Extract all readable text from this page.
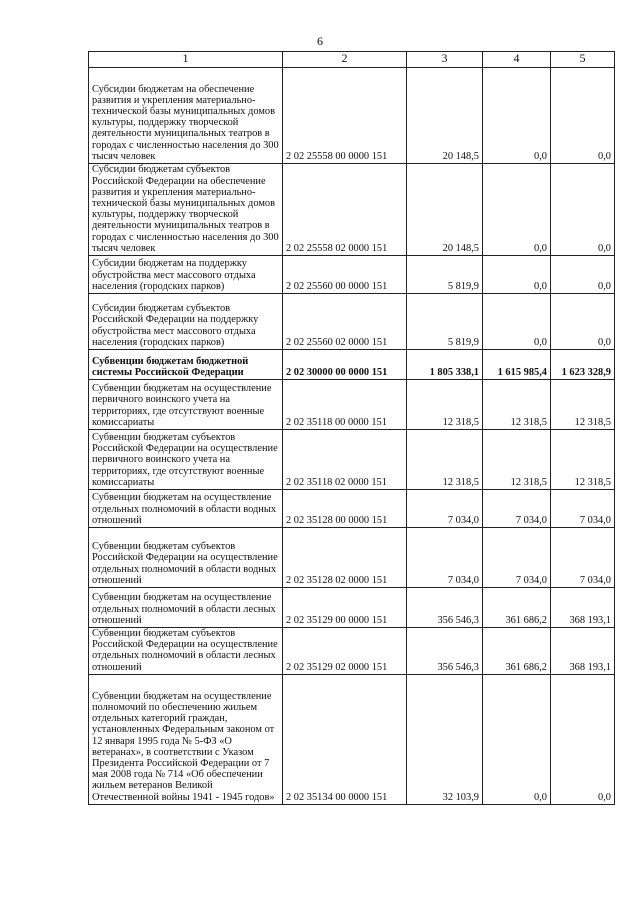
6
1	2	3	4	5
Субсидии бюджетам на обеспечение развития и укрепления материально-технической базы муниципальных домов культуры, поддержку творческой деятельности муниципальных театров в городах с численностью населения до 300 тысяч человек	2 02 25558 00 0000 151	20 148,5	0,0	0,0
Субсидии бюджетам субъектов Российской Федерации на обеспечение развития и укрепления материально-технической базы муниципальных домов культуры, поддержку творческой деятельности муниципальных театров в городах с численностью населения до 300 тысяч человек	2 02 25558 02 0000 151	20 148,5	0,0	0,0
Субсидии бюджетам на поддержку обустройства мест массового отдыха населения (городских парков)	2 02 25560 00 0000 151	5 819,9	0,0	0,0
Субсидии бюджетам субъектов Российской Федерации на поддержку обустройства мест массового отдыха населения (городских парков)	2 02 25560 02 0000 151	5 819,9	0,0	0,0
Субвенции бюджетам бюджетной системы Российской Федерации	2 02 30000 00 0000 151	1 805 338,1	1 615 985,4	1 623 328,9
Субвенции бюджетам на осуществление первичного воинского учета на территориях, где отсутствуют военные комиссариаты	2 02 35118 00 0000 151	12 318,5	12 318,5	12 318,5
Субвенции бюджетам субъектов Российской Федерации на осуществление первичного воинского учета на территориях, где отсутствуют военные комиссариаты	2 02 35118 02 0000 151	12 318,5	12 318,5	12 318,5
Субвенции бюджетам на осуществление отдельных полномочий в области водных отношений	2 02 35128 00 0000 151	7 034,0	7 034,0	7 034,0
Субвенции бюджетам субъектов Российской Федерации на осуществление отдельных полномочий в области водных отношений	2 02 35128 02 0000 151	7 034,0	7 034,0	7 034,0
Субвенции бюджетам на осуществление отдельных полномочий в области лесных отношений	2 02 35129 00 0000 151	356 546,3	361 686,2	368 193,1
Субвенции бюджетам субъектов Российской Федерации на осуществление отдельных полномочий в области лесных отношений	2 02 35129 02 0000 151	356 546,3	361 686,2	368 193,1
Субвенции бюджетам на осуществление полномочий по обеспечению жильем отдельных категорий граждан, установленных Федеральным законом от 12 января 1995 года № 5-ФЗ «О ветеранах», в соответствии с Указом Президента Российской Федерации от 7 мая 2008 года № 714 «Об обеспечении жильем ветеранов Великой Отечественной войны 1941 - 1945 годов»	2 02 35134 00 0000 151	32 103,9	0,0	0,0
